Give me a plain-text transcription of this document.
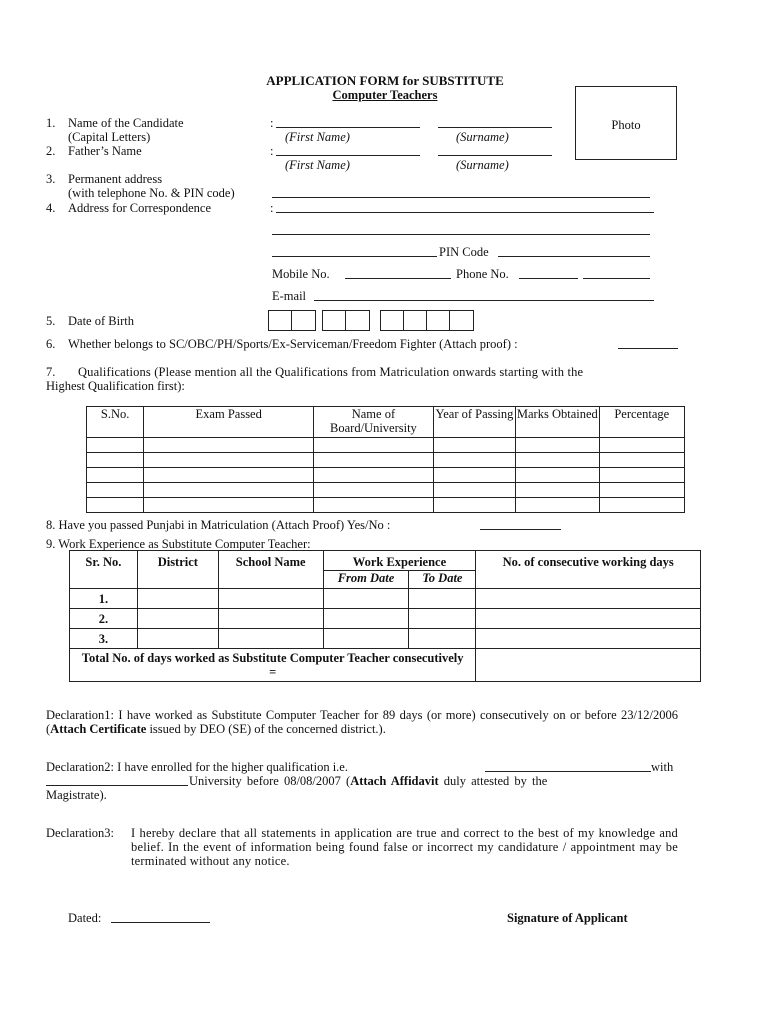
APPLICATION FORM for SUBSTITUTE
Computer Teachers
Photo
1. Name of the Candidate
(Capital Letters)
:
(First Name)	(Surname)
2. Father’s Name	:
(First Name)	(Surname)
3. Permanent address
(with telephone No. & PIN code)
4. Address for Correspondence	:
PIN Code
Mobile No.	Phone No.
E-mail
5. Date of Birth
6. Whether belongs to SC/OBC/PH/Sports/Ex-Serviceman/Freedom Fighter (Attach proof) :
7. Qualifications (Please mention all the Qualifications from Matriculation onwards starting with the
Highest Qualification first):
S.No.	Exam Passed	Name of Board/University	Year of Passing	Marks Obtained	Percentage

8. Have you passed Punjabi in Matriculation (Attach Proof) Yes/No :
9. Work Experience as Substitute Computer Teacher:
Sr. No.	District	School Name	Work Experience		No. of consecutive working days
			From Date	To Date	
1.					
2.					
3.					
Total No. of days worked as Substitute Computer Teacher consecutively =					
Declaration1: I have worked as Substitute Computer Teacher for 89 days (or more) consecutively on or before 23/12/2006 (Attach Certificate issued by DEO (SE) of the concerned district.).
Declaration2: I have enrolled for the higher qualification i.e.	with
University before 08/08/2007 (Attach Affidavit duly attested by the
Magistrate).
Declaration3: I hereby declare that all statements in application are true and correct to the best of my knowledge and belief. In the event of information being found false or incorrect my candidature / appointment may be terminated without any notice.
Dated:	Signature of Applicant
